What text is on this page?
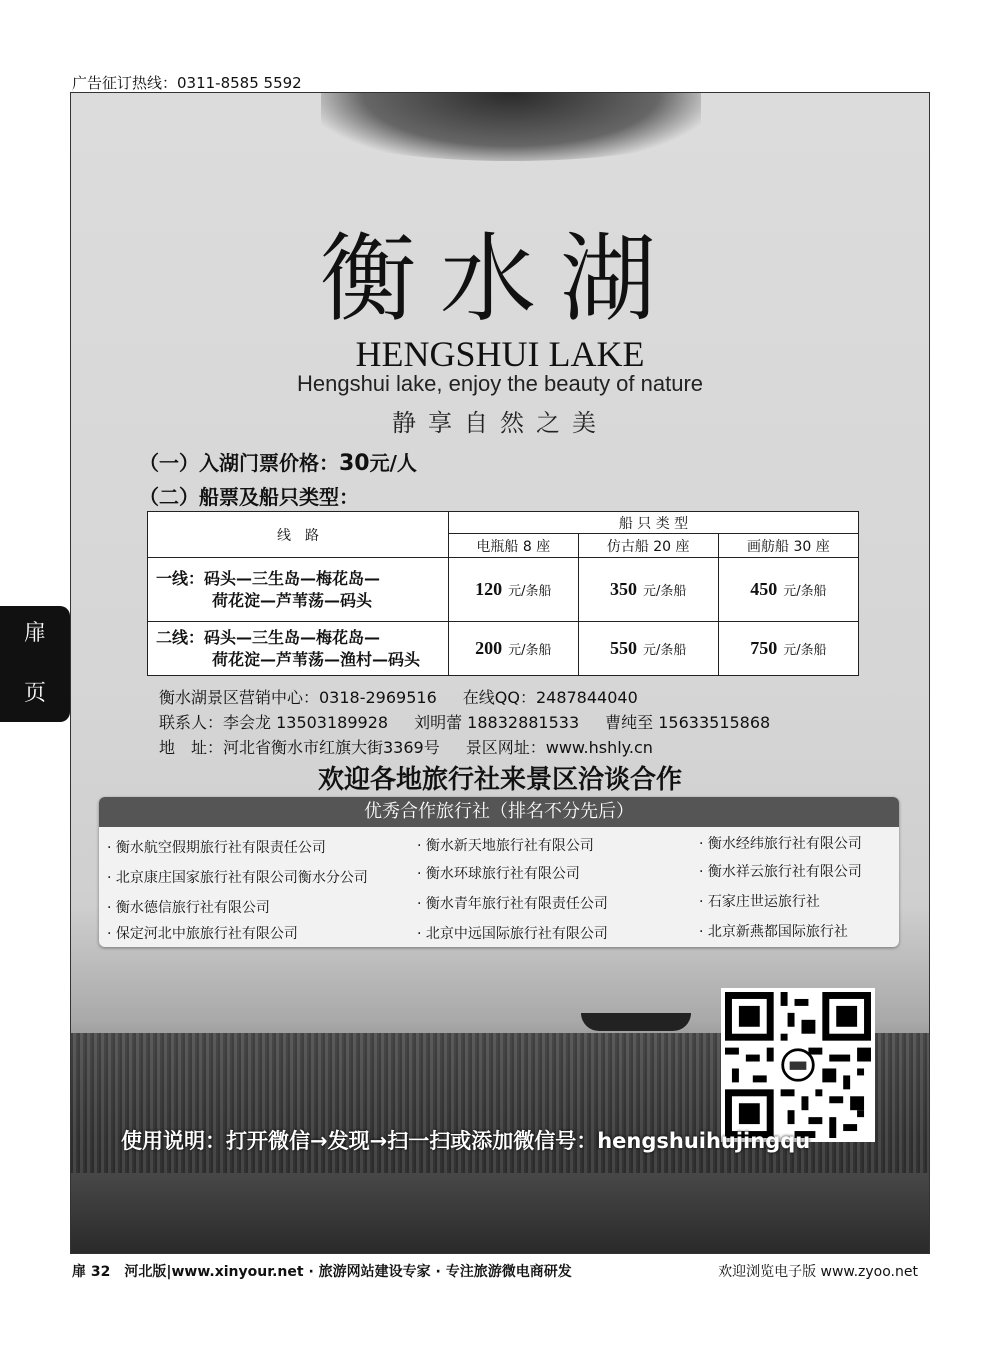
广告征订热线：0311-8585 5592
扉
页
衡水湖
HENGSHUI LAKE
Hengshui lake, enjoy the beauty of nature
静享自然之美
（一）入湖门票价格：30元/人
（二）船票及船只类型：
线　路	船 只 类 型		
	电瓶船 8 座	仿古船 20 座	画舫船 30 座

一线：码头—三生岛—梅花岛—
荷花淀—芦苇荡—码头	120 元/条船	350 元/条船	450 元/条船

二线：码头—三生岛—梅花岛—
荷花淀—芦苇荡—渔村—码头	200 元/条船	550 元/条船	750 元/条船
衡水湖景区营销中心：0318-2969516 在线QQ：2487844040
联系人：李会龙 13503189928 刘明蕾 18832881533 曹纯至 15633515868
地　址：河北省衡水市红旗大街3369号 景区网址：www.hshly.cn
欢迎各地旅行社来景区洽谈合作
优秀合作旅行社（排名不分先后）
· 衡水航空假期旅行社有限责任公司
· 北京康庄国家旅行社有限公司衡水分公司
· 衡水德信旅行社有限公司
· 保定河北中旅旅行社有限公司
· 衡水新天地旅行社有限公司
· 衡水环球旅行社有限公司
· 衡水青年旅行社有限责任公司
· 北京中远国际旅行社有限公司
· 衡水经纬旅行社有限公司
· 衡水祥云旅行社有限公司
· 石家庄世运旅行社
· 北京新燕都国际旅行社
使用说明：打开微信→发现→扫一扫或添加微信号：hengshuihujingqu
扉 32　河北版|www.xinyour.net · 旅游网站建设专家 · 专注旅游微电商研发	欢迎浏览电子版 www.zyoo.net
